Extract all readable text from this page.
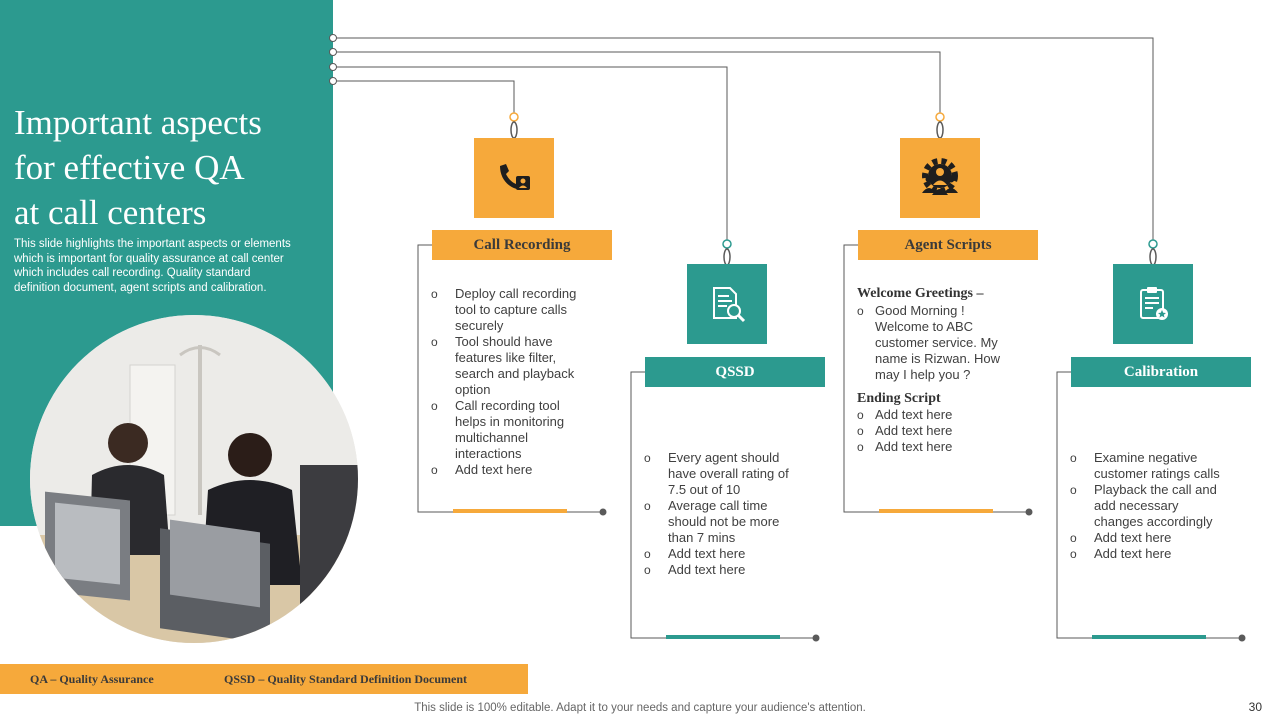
Important aspects
for effective QA
at call centers
This slide highlights the important aspects or elements which is important for quality assurance at call center which includes call recording. Quality standard definition document, agent scripts and calibration.
Call Recording
o Deploy call recording tool to capture calls securely
o Tool should have features like filter, search and playback option
o Call recording tool helps in monitoring multichannel interactions
o Add text here
QSSD
o Every agent should have overall rating of 7.5 out of 10
o Average call time should not be more than 7 mins
o Add text here
o Add text here
Agent Scripts
Welcome Greetings –
o Good Morning ! Welcome to ABC customer service. My name is Rizwan. How may I help you ?
Ending Script
o Add text here
o Add text here
o Add text here
Calibration
o Examine negative customer ratings calls
o Playback the call and add necessary changes accordingly
o Add text here
o Add text here
QA – Quality Assurance	QSSD – Quality Standard Definition Document
This slide is 100% editable. Adapt it to your needs and capture your audience's attention.	30
